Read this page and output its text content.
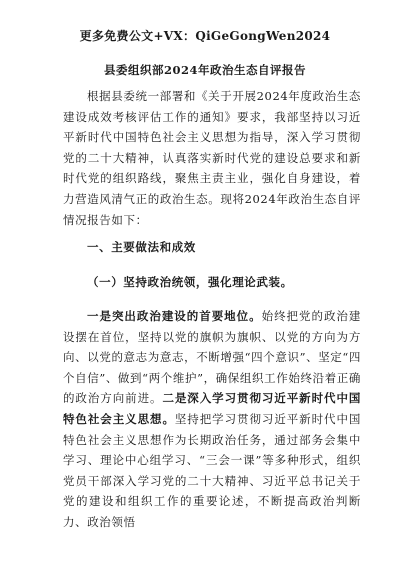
更多免费公文+VX：QiGeGongWen2024
县委组织部2024年政治生态自评报告
根据县委统一部署和《关于开展2024年度政治生态建设成效考核评估工作的通知》要求，我部坚持以习近平新时代中国特色社会主义思想为指导，深入学习贯彻党的二十大精神，认真落实新时代党的建设总要求和新时代党的组织路线，聚焦主责主业，强化自身建设，着力营造风清气正的政治生态。现将2024年政治生态自评情况报告如下：
一、主要做法和成效
（一）坚持政治统领，强化理论武装。
一是突出政治建设的首要地位。始终把党的政治建设摆在首位，坚持以党的旗帜为旗帜、以党的方向为方向、以党的意志为意志，不断增强“四个意识”、坚定“四个自信”、做到“两个维护”，确保组织工作始终沿着正确的政治方向前进。二是深入学习贯彻习近平新时代中国特色社会主义思想。坚持把学习贯彻习近平新时代中国特色社会主义思想作为长期政治任务，通过部务会集中学习、理论中心组学习、“三会一课”等多种形式，组织党员干部深入学习党的二十大精神、习近平总书记关于党的建设和组织工作的重要论述，不断提高政治判断力、政治领悟
